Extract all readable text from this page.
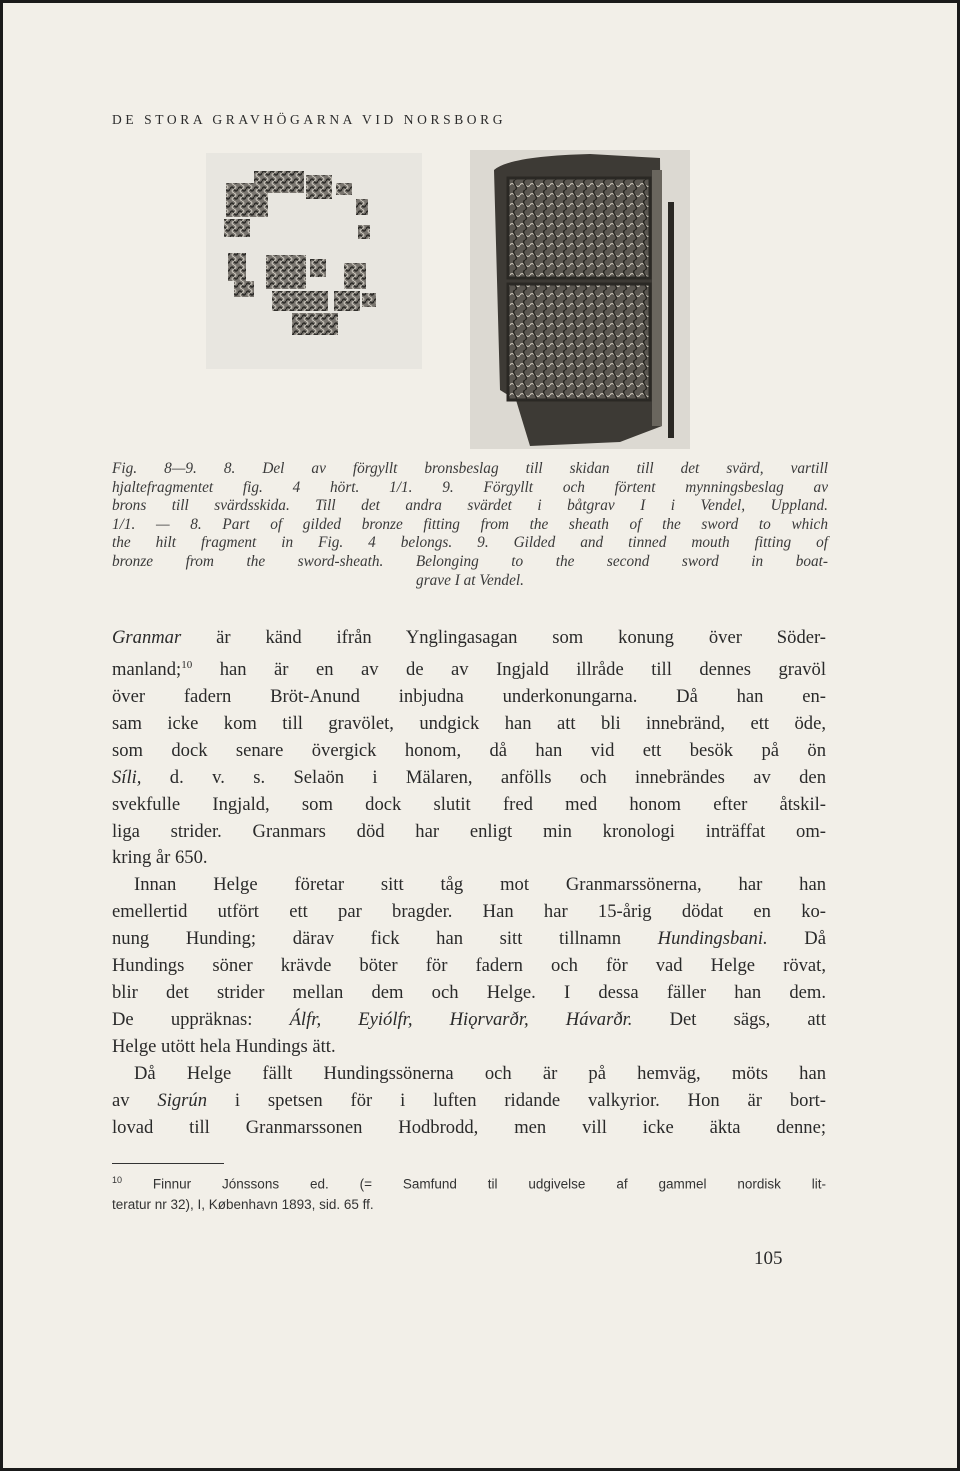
DE STORA GRAVHÖGARNA VID NORSBORG
Fig. 8—9. 8. Del av förgyllt bronsbeslag till skidan till det svärd, vartill
hjaltefragmentet fig. 4 hört. 1/1. 9. Förgyllt och förtent mynningsbeslag av
brons till svärdsskida. Till det andra svärdet i båtgrav I i Vendel, Uppland.
1/1. — 8. Part of gilded bronze fitting from the sheath of the sword to which
the hilt fragment in Fig. 4 belongs. 9. Gilded and tinned mouth fitting of
bronze from the sword-sheath. Belonging to the second sword in boat-
grave I at Vendel.
Granmar är känd ifrån Ynglingasagan som konung över Söder-
manland;$^{10}$ han är en av de av Ingjald illråde till dennes gravöl
över fadern Bröt-Anund inbjudna underkonungarna. Då han en-
sam icke kom till gravölet, undgick han att bli innebränd, ett öde,
som dock senare övergick honom, då han vid ett besök på ön
Síli, d. v. s. Selaön i Mälaren, anfölls och innebrändes av den
svekfulle Ingjald, som dock slutit fred med honom efter åtskil-
liga strider. Granmars död har enligt min kronologi inträffat om-
kring år 650.
Innan Helge företar sitt tåg mot Granmarssönerna, har han
emellertid utfört ett par bragder. Han har 15-årig dödat en ko-
nung Hunding; därav fick han sitt tillnamn Hundingsbani. Då
Hundings söner krävde böter för fadern och för vad Helge rövat,
blir det strider mellan dem och Helge. I dessa fäller han dem.
De uppräknas: Álfr, Eyiólfr, Hiǫrvarðr, Hávarðr. Det sägs, att
Helge utött hela Hundings ätt.
Då Helge fällt Hundingssönerna och är på hemväg, möts han
av Sigrún i spetsen för i luften ridande valkyrior. Hon är bort-
lovad till Granmarssonen Hodbrodd, men vill icke äkta denne;
$^{10}$ Finnur Jónssons ed. (= Samfund til udgivelse af gammel nordisk lit-
teratur nr 32), I, København 1893, sid. 65 ff.
105
